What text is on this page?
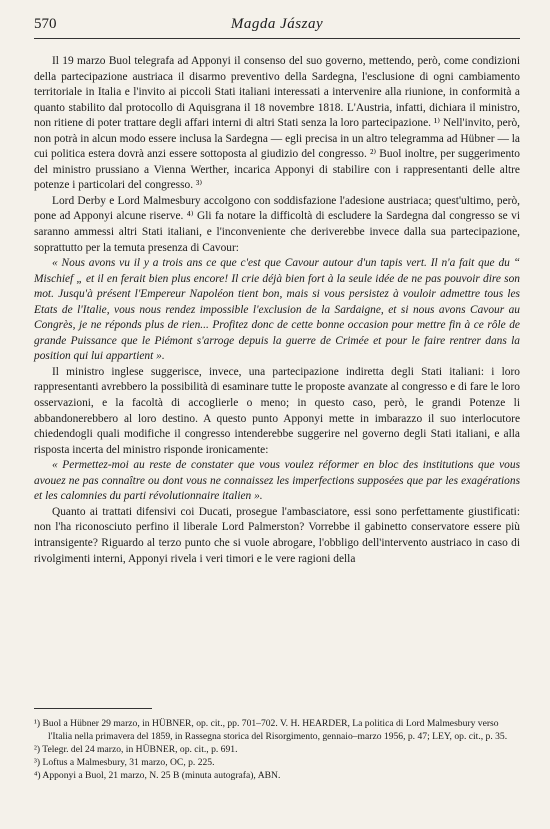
570	Magda Jászay

Il 19 marzo Buol telegrafa ad Apponyi il consenso del suo governo, mettendo, però, come condizioni della partecipazione austriaca il disarmo preventivo della Sardegna, l'esclusione di ogni cambiamento territoriale in Italia e l'invito ai piccoli Stati italiani interessati a intervenire alla riunione, in conformità a quanto stabilito dal protocollo di Aquisgrana il 18 novembre 1818. L'Austria, infatti, dichiara il ministro, non ritiene di poter trattare degli affari interni di altri Stati senza la loro partecipazione. ¹⁾ Nell'invito, però, non potrà in alcun modo essere inclusa la Sardegna — egli precisa in un altro telegramma ad Hübner — la cui politica estera dovrà anzi essere sottoposta al giudizio del congresso. ²⁾ Buol inoltre, per suggerimento del ministro prussiano a Vienna Werther, incarica Apponyi di stabilire con i rappresentanti delle altre potenze i particolari del congresso. ³⁾

Lord Derby e Lord Malmesbury accolgono con soddisfazione l'adesione austriaca; quest'ultimo, però, pone ad Apponyi alcune riserve. ⁴⁾ Gli fa notare la difficoltà di escludere la Sardegna dal congresso se vi saranno ammessi altri Stati italiani, e l'inconveniente che deriverebbe invece dalla sua partecipazione, soprattutto per la temuta presenza di Cavour:

« Nous avons vu il y a trois ans ce que c'est que Cavour autour d'un tapis vert. Il n'a fait que du “ Mischief „ et il en ferait bien plus encore! Il crie déjà bien fort à la seule idée de ne pas pouvoir dire son mot. Jusqu'à présent l'Empereur Napoléon tient bon, mais si vous persistez à vouloir admettre tous les Etats de l'Italie, vous nous rendez impossible l'exclusion de la Sardaigne, et si nous avons Cavour au Congrès, je ne réponds plus de rien... Profitez donc de cette bonne occasion pour mettre fin à ce rôle de grande Puissance que le Piémont s'arroge depuis la guerre de Crimée et pour le faire rentrer dans la position qui lui appartient ».

Il ministro inglese suggerisce, invece, una partecipazione indiretta degli Stati italiani: i loro rappresentanti avrebbero la possibilità di esaminare tutte le proposte avanzate al congresso e di fare le loro osservazioni, e la facoltà di accoglierle o meno; in questo caso, però, le grandi Potenze li abbandonerebbero al loro destino. A questo punto Apponyi mette in imbarazzo il suo interlocutore chiedendogli quali modifiche il congresso intenderebbe suggerire nel governo degli Stati italiani, e alla risposta incerta del ministro risponde ironicamente:

« Permettez-moi au reste de constater que vous voulez réformer en bloc des institutions que vous avouez ne pas connaître ou dont vous ne connaissez les imperfections supposées que par les exagérations et les calomnies du parti révolutionnaire italien ».

Quanto ai trattati difensivi coi Ducati, prosegue l'ambasciatore, essi sono perfettamente giustificati: non l'ha riconosciuto perfino il liberale Lord Palmerston? Vorrebbe il gabinetto conservatore essere più intransigente? Riguardo al terzo punto che si vuole abrogare, l'obbligo dell'intervento austriaco in caso di rivolgimenti interni, Apponyi rivela i veri timori e le vere ragioni della

¹) Buol a Hübner 29 marzo, in HÜBNER, op. cit., pp. 701–702. V. H. HEARDER, La politica di Lord Malmesbury verso l'Italia nella primavera del 1859, in Rassegna storica del Risorgimento, gennaio–marzo 1956, p. 47; LEY, op. cit., p. 35.

²) Telegr. del 24 marzo, in HÜBNER, op. cit., p. 691.

³) Loftus a Malmesbury, 31 marzo, OC, p. 225.

⁴) Apponyi a Buol, 21 marzo, N. 25 B (minuta autografa), ABN.
